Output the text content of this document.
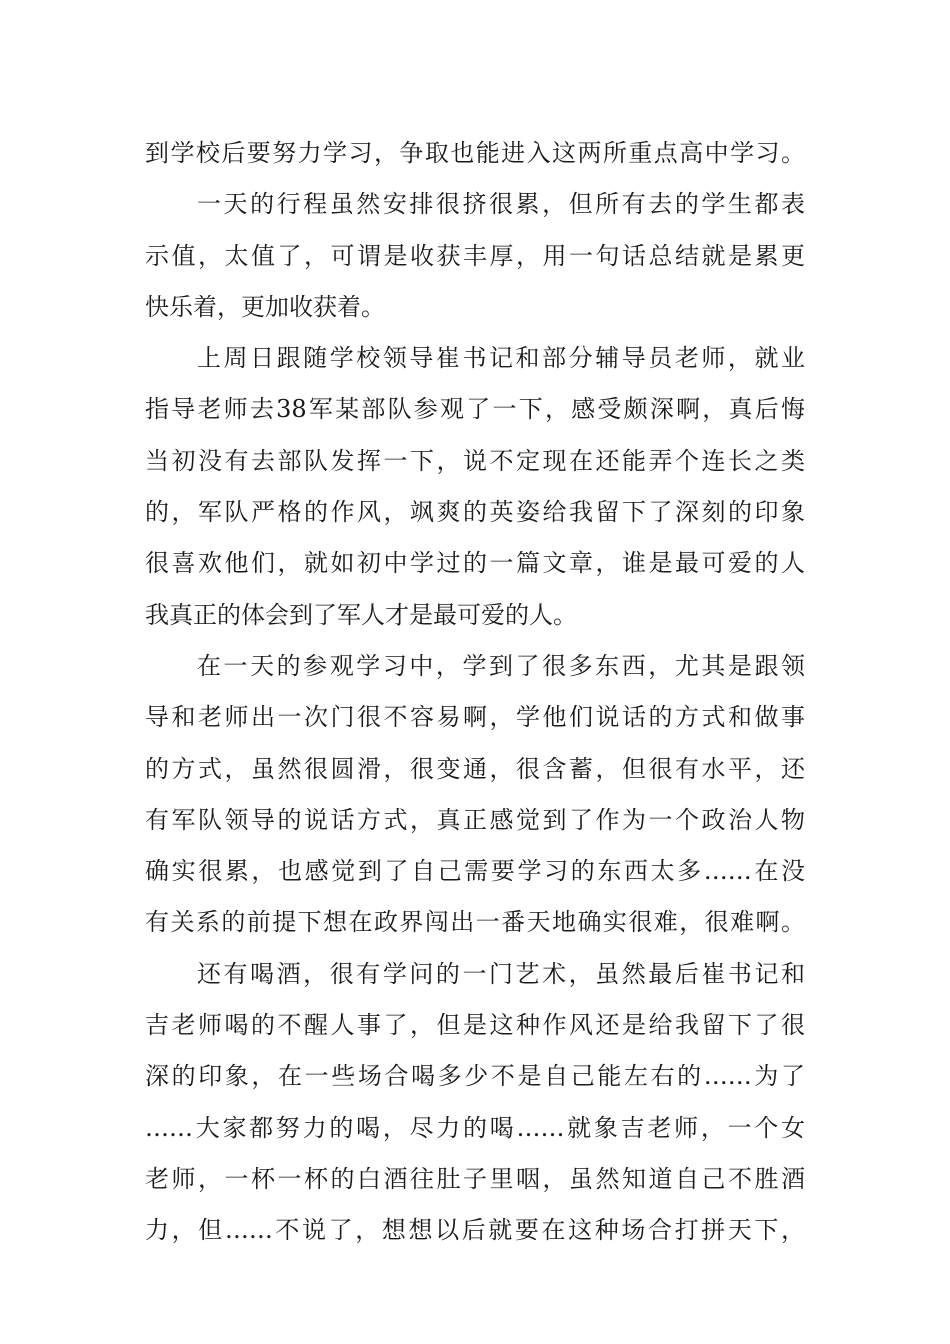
到学校后要努力学习，争取也能进入这两所重点高中学习。
一天的行程虽然安排很挤很累，但所有去的学生都表
示值，太值了，可谓是收获丰厚，用一句话总结就是累更
快乐着，更加收获着。
上周日跟随学校领导崔书记和部分辅导员老师，就业
指导老师去38军某部队参观了一下，感受颇深啊，真后悔
当初没有去部队发挥一下，说不定现在还能弄个连长之类
的，军队严格的作风，飒爽的英姿给我留下了深刻的印象
很喜欢他们，就如初中学过的一篇文章，谁是最可爱的人
我真正的体会到了军人才是最可爱的人。
在一天的参观学习中，学到了很多东西，尤其是跟领
导和老师出一次门很不容易啊，学他们说话的方式和做事
的方式，虽然很圆滑，很变通，很含蓄，但很有水平，还
有军队领导的说话方式，真正感觉到了作为一个政治人物
确实很累，也感觉到了自己需要学习的东西太多……在没
有关系的前提下想在政界闯出一番天地确实很难，很难啊。
还有喝酒，很有学问的一门艺术，虽然最后崔书记和
吉老师喝的不醒人事了，但是这种作风还是给我留下了很
深的印象，在一些场合喝多少不是自己能左右的……为了
……大家都努力的喝，尽力的喝……就象吉老师，一个女
老师，一杯一杯的白酒往肚子里咽，虽然知道自己不胜酒
力，但……不说了，想想以后就要在这种场合打拼天下，
